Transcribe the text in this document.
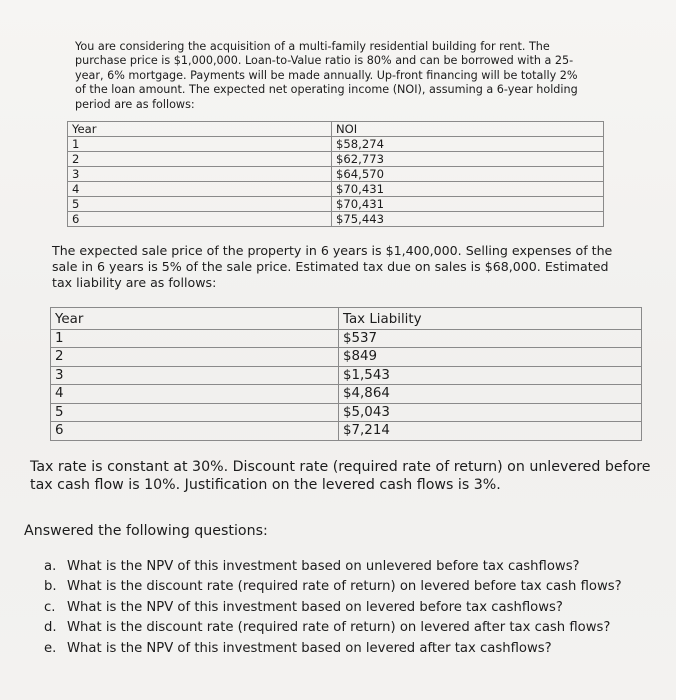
You are considering the acquisition of a multi-family residential building for rent. The purchase price is $1,000,000. Loan-to-Value ratio is 80% and can be borrowed with a 25-year, 6% mortgage. Payments will be made annually. Up-front financing will be totally 2% of the loan amount. The expected net operating income (NOI), assuming a 6-year holding period are as follows:

Year	NOI
1	$58,274
2	$62,773
3	$64,570
4	$70,431
5	$70,431
6	$75,443

The expected sale price of the property in 6 years is $1,400,000. Selling expenses of the sale in 6 years is 5% of the sale price. Estimated tax due on sales is $68,000. Estimated tax liability are as follows:

Year	Tax Liability
1	$537
2	$849
3	$1,543
4	$4,864
5	$5,043
6	$7,214

Tax rate is constant at 30%. Discount rate (required rate of return) on unlevered before tax cash flow is 10%. Justification on the levered cash flows is 3%.

Answered the following questions:

a. What is the NPV of this investment based on unlevered before tax cashflows?
b. What is the discount rate (required rate of return) on levered before tax cash flows?
c. What is the NPV of this investment based on levered before tax cashflows?
d. What is the discount rate (required rate of return) on levered after tax cash flows?
e. What is the NPV of this investment based on levered after tax cashflows?
